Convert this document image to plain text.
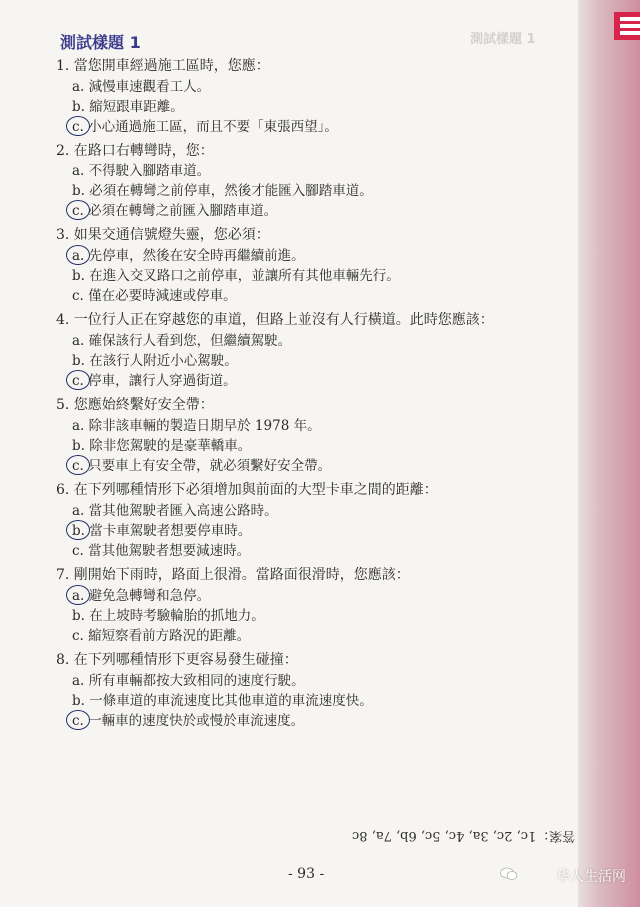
測試樣題 1
測試樣題 1
1. 當您開車經過施工區時，您應：
a. 減慢車速觀看工人。
b. 縮短跟車距離。
c. 小心通過施工區，而且不要「東張西望」。
2. 在路口右轉彎時，您：
a. 不得駛入腳踏車道。
b. 必須在轉彎之前停車，然後才能匯入腳踏車道。
c. 必須在轉彎之前匯入腳踏車道。
3. 如果交通信號燈失靈，您必須：
a. 先停車，然後在安全時再繼續前進。
b. 在進入交叉路口之前停車，並讓所有其他車輛先行。
c. 僅在必要時減速或停車。
4. 一位行人正在穿越您的車道，但路上並沒有人行橫道。此時您應該：
a. 確保該行人看到您，但繼續駕駛。
b. 在該行人附近小心駕駛。
c. 停車，讓行人穿過街道。
5. 您應始終繫好安全帶：
a. 除非該車輛的製造日期早於 1978 年。
b. 除非您駕駛的是豪華轎車。
c. 只要車上有安全帶，就必須繫好安全帶。
6. 在下列哪種情形下必須增加與前面的大型卡車之間的距離：
a. 當其他駕駛者匯入高速公路時。
b. 當卡車駕駛者想要停車時。
c. 當其他駕駛者想要減速時。
7. 剛開始下雨時，路面上很滑。當路面很滑時，您應該：
a. 避免急轉彎和急停。
b. 在上坡時考驗輪胎的抓地力。
c. 縮短察看前方路況的距離。
8. 在下列哪種情形下更容易發生碰撞：
a. 所有車輛都按大致相同的速度行駛。
b. 一條車道的車流速度比其他車道的車流速度快。
c. 一輛車的速度快於或慢於車流速度。
答案：1c, 2c, 3a, 4c, 5c, 6b, 7a, 8c
- 93 -	华人生活网
